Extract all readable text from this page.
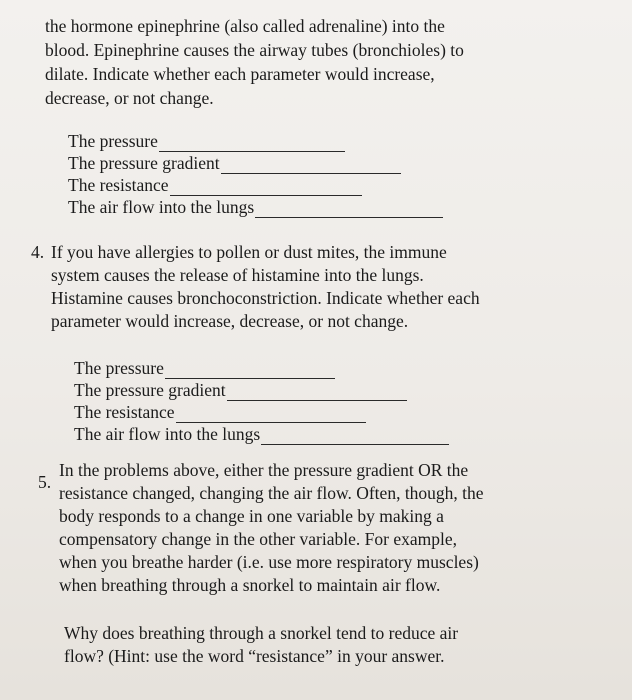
the hormone epinephrine (also called adrenaline) into the
blood. Epinephrine causes the airway tubes (bronchioles) to
dilate. Indicate whether each parameter would increase,
decrease, or not change.
The pressure
The pressure gradient
The resistance
The air flow into the lungs
4. If you have allergies to pollen or dust mites, the immune
system causes the release of histamine into the lungs.
Histamine causes bronchoconstriction. Indicate whether each
parameter would increase, decrease, or not change.
The pressure
The pressure gradient
The resistance
The air flow into the lungs
5.
In the problems above, either the pressure gradient OR the
resistance changed, changing the air flow. Often, though, the
body responds to a change in one variable by making a
compensatory change in the other variable. For example,
when you breathe harder (i.e. use more respiratory muscles)
when breathing through a snorkel to maintain air flow.
Why does breathing through a snorkel tend to reduce air
flow? (Hint: use the word “resistance” in your answer.
